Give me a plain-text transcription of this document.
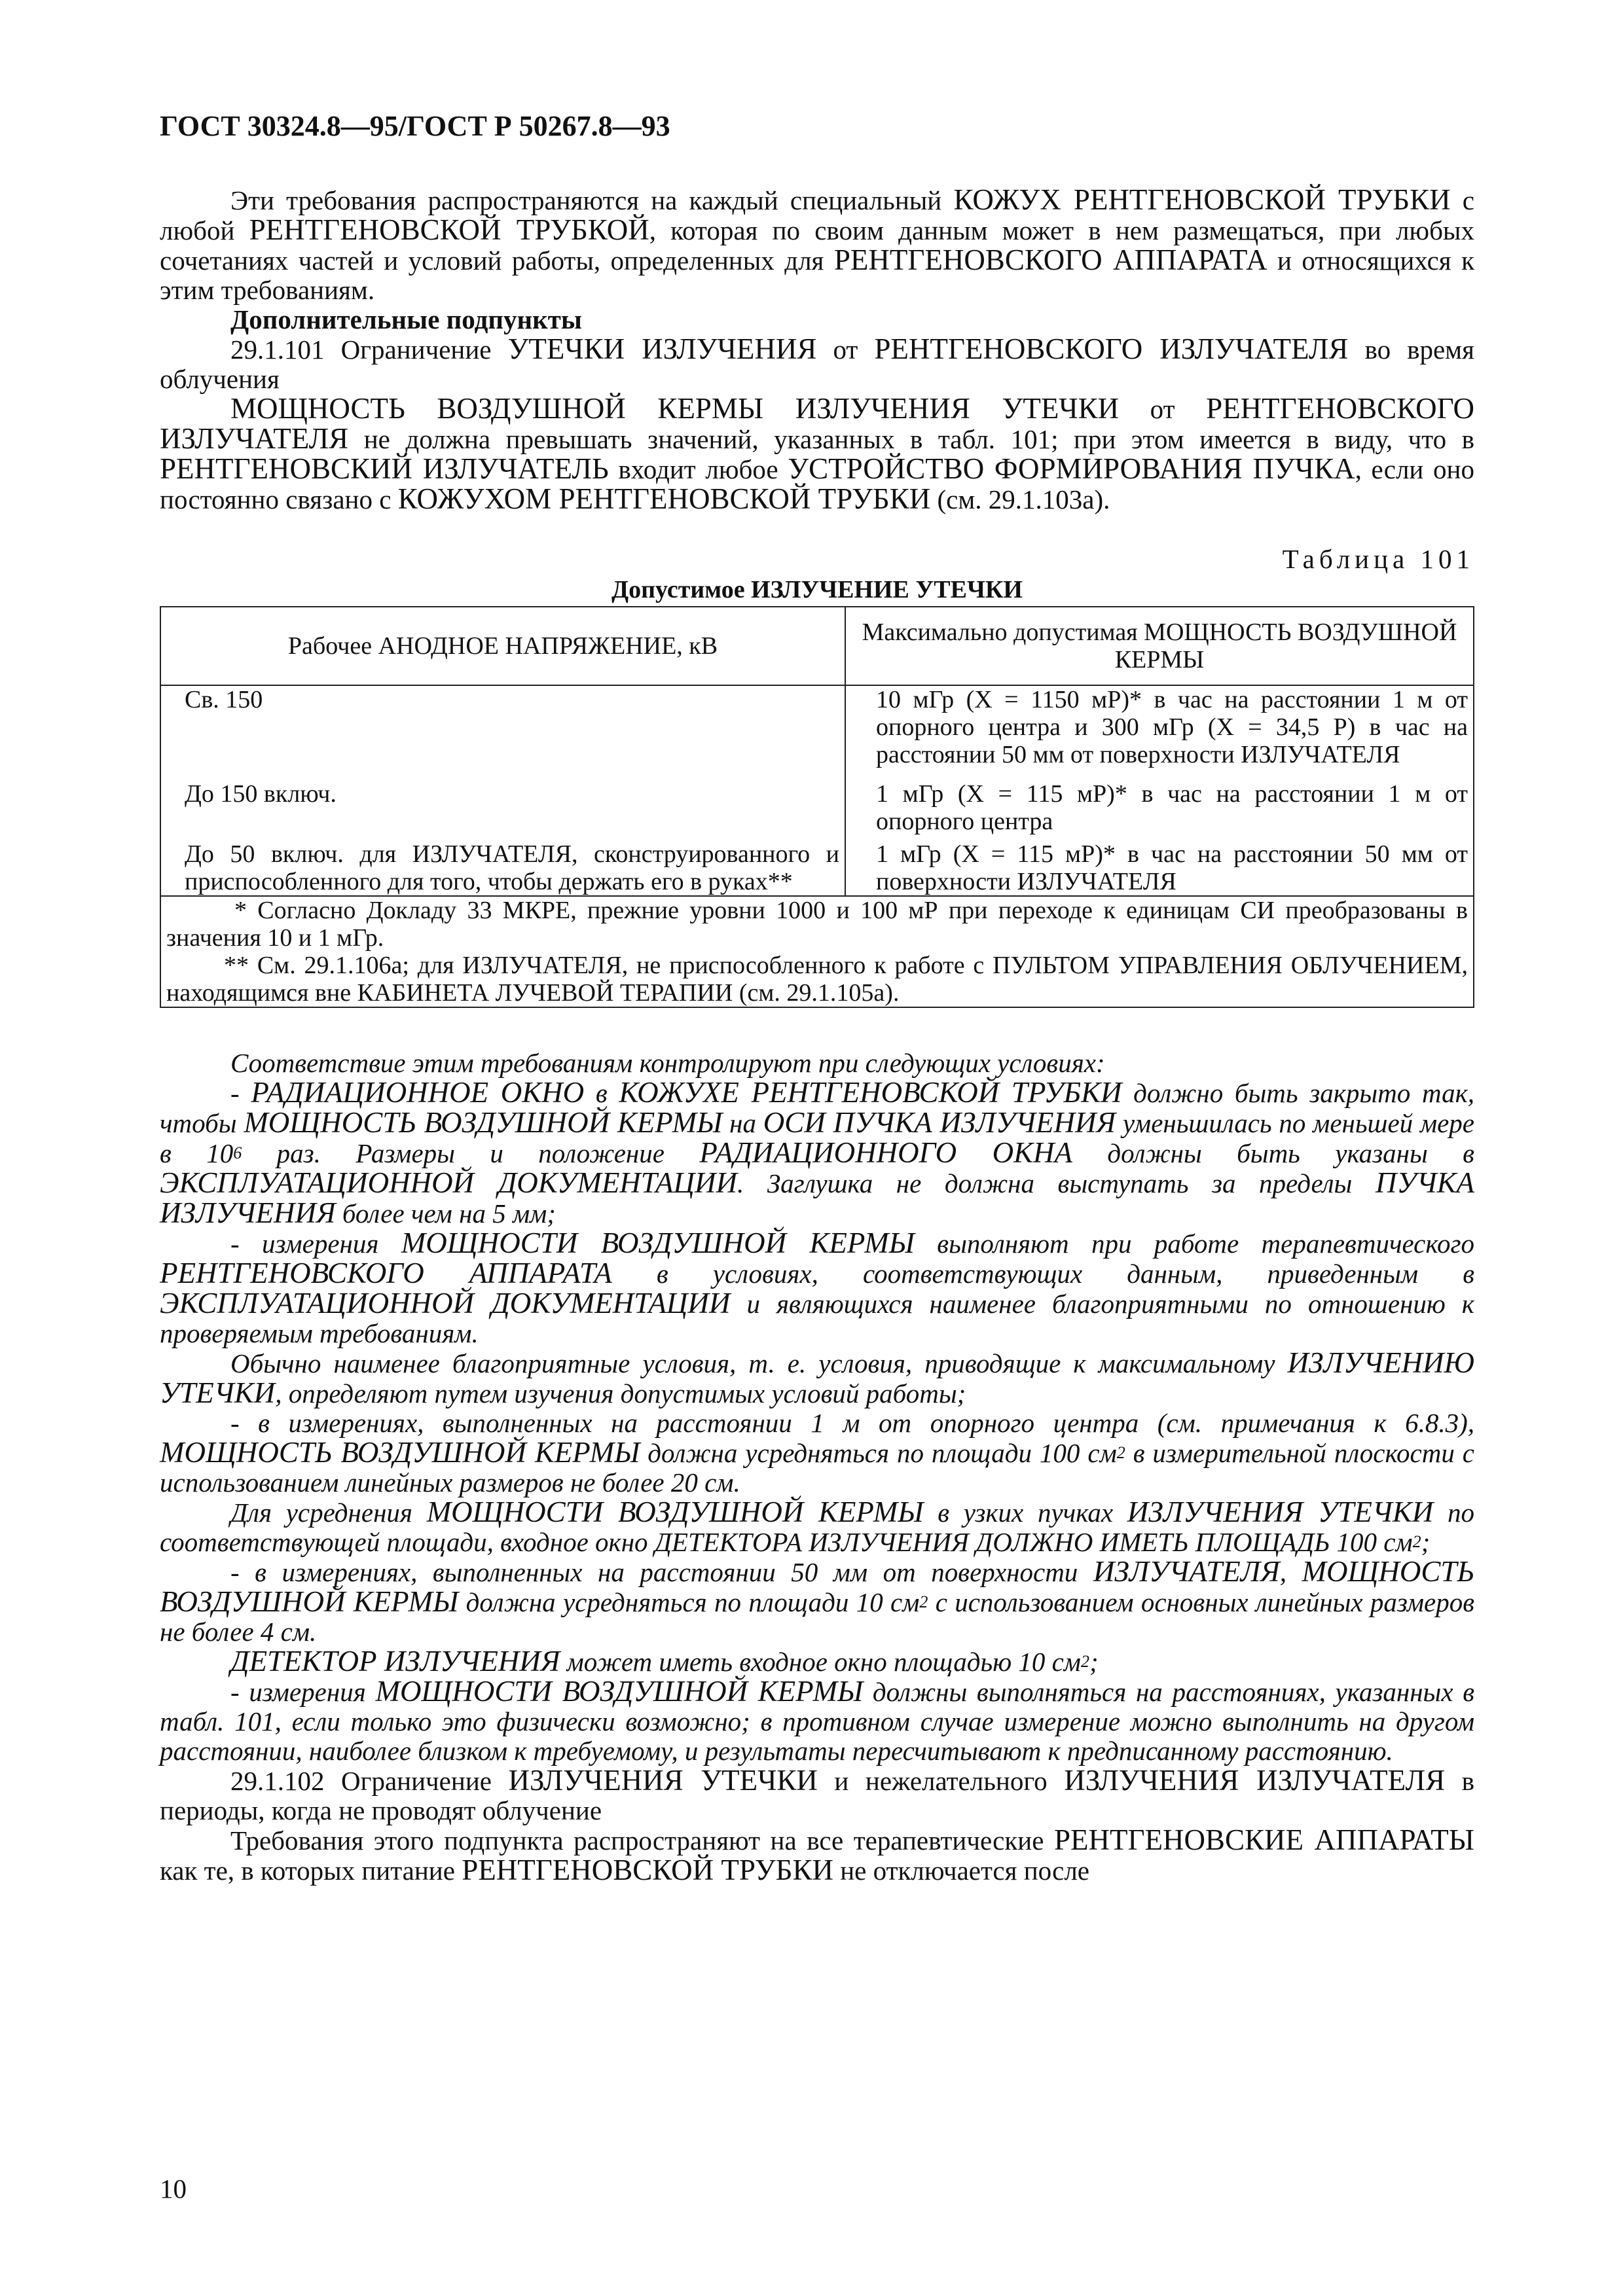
ГОСТ 30324.8—95/ГОСТ Р 50267.8—93

Эти требования распространяются на каждый специальный КОЖУХ РЕНТГЕНОВСКОЙ ТРУБКИ с любой РЕНТГЕНОВСКОЙ ТРУБКОЙ, которая по своим данным может в нем размещаться, при любых сочетаниях частей и условий работы, определенных для РЕНТГЕНОВСКОГО АППАРАТА и относящихся к этим требованиям.

Дополнительные подпункты

29.1.101 Ограничение УТЕЧКИ ИЗЛУЧЕНИЯ от РЕНТГЕНОВСКОГО ИЗЛУЧАТЕЛЯ во время облучения

МОЩНОСТЬ ВОЗДУШНОЙ КЕРМЫ ИЗЛУЧЕНИЯ УТЕЧКИ от РЕНТГЕНОВСКОГО ИЗЛУЧАТЕЛЯ не должна превышать значений, указанных в табл. 101; при этом имеется в виду, что в РЕНТГЕНОВСКИЙ ИЗЛУЧАТЕЛЬ входит любое УСТРОЙСТВО ФОРМИРОВАНИЯ ПУЧКА, если оно постоянно связано с КОЖУХОМ РЕНТГЕНОВСКОЙ ТРУБКИ (см. 29.1.103а).

Таблица 101
Допустимое ИЗЛУЧЕНИЕ УТЕЧКИ
Рабочее АНОДНОЕ НАПРЯЖЕНИЕ, кВ	Максимально допустимая МОЩНОСТЬ ВОЗДУШНОЙ КЕРМЫ
Св. 150	10 мГр (X = 1150 мР)* в час на расстоянии 1 м от опорного центра и 300 мГр (X = 34,5 Р) в час на расстоянии 50 мм от поверхности ИЗЛУЧАТЕЛЯ
До 150 включ.	1 мГр (X = 115 мР)* в час на расстоянии 1 м от опорного центра
До 50 включ. для ИЗЛУЧАТЕЛЯ, сконструированного и приспособленного для того, чтобы держать его в руках**	1 мГр (X = 115 мР)* в час на расстоянии 50 мм от поверхности ИЗЛУЧАТЕЛЯ

* Согласно Докладу 33 МКРЕ, прежние уровни 1000 и 100 мР при переходе к единицам СИ преобразованы в значения 10 и 1 мГр.

** См. 29.1.106а; для ИЗЛУЧАТЕЛЯ, не приспособленного к работе с ПУЛЬТОМ УПРАВЛЕНИЯ ОБЛУЧЕНИЕМ, находящимся вне КАБИНЕТА ЛУЧЕВОЙ ТЕРАПИИ (см. 29.1.105а).	

Соответствие этим требованиям контролируют при следующих условиях:

- РАДИАЦИОННОЕ ОКНО в КОЖУХЕ РЕНТГЕНОВСКОЙ ТРУБКИ должно быть закрыто так, чтобы МОЩНОСТЬ ВОЗДУШНОЙ КЕРМЫ на ОСИ ПУЧКА ИЗЛУЧЕНИЯ уменьшилась по меньшей мере в $10^6$ раз. Размеры и положение РАДИАЦИОННОГО ОКНА должны быть указаны в ЭКСПЛУАТАЦИОННОЙ ДОКУМЕНТАЦИИ. Заглушка не должна выступать за пределы ПУЧКА ИЗЛУЧЕНИЯ более чем на 5 мм;

- измерения МОЩНОСТИ ВОЗДУШНОЙ КЕРМЫ выполняют при работе терапевтического РЕНТГЕНОВСКОГО АППАРАТА в условиях, соответствующих данным, приведенным в ЭКСПЛУАТАЦИОННОЙ ДОКУМЕНТАЦИИ и являющихся наименее благоприятными по отношению к проверяемым требованиям.

Обычно наименее благоприятные условия, т. е. условия, приводящие к максимальному ИЗЛУЧЕНИЮ УТЕЧКИ, определяют путем изучения допустимых условий работы;

- в измерениях, выполненных на расстоянии 1 м от опорного центра (см. примечания к 6.8.3), МОЩНОСТЬ ВОЗДУШНОЙ КЕРМЫ должна усредняться по площади 100 $см^2$ в измерительной плоскости с использованием линейных размеров не более 20 см.

Для усреднения МОЩНОСТИ ВОЗДУШНОЙ КЕРМЫ в узких пучках ИЗЛУЧЕНИЯ УТЕЧКИ по соответствующей площади, входное окно ДЕТЕКТОРА ИЗЛУЧЕНИЯ ДОЛЖНО ИМЕТЬ ПЛОЩАДЬ 100 $см^2$;

- в измерениях, выполненных на расстоянии 50 мм от поверхности ИЗЛУЧАТЕЛЯ, МОЩНОСТЬ ВОЗДУШНОЙ КЕРМЫ должна усредняться по площади 10 $см^2$ с использованием основных линейных размеров не более 4 см.

ДЕТЕКТОР ИЗЛУЧЕНИЯ может иметь входное окно площадью 10 $см^2$;

- измерения МОЩНОСТИ ВОЗДУШНОЙ КЕРМЫ должны выполняться на расстояниях, указанных в табл. 101, если только это физически возможно; в противном случае измерение можно выполнить на другом расстоянии, наиболее близком к требуемому, и результаты пересчитывают к предписанному расстоянию.

29.1.102 Ограничение ИЗЛУЧЕНИЯ УТЕЧКИ и нежелательного ИЗЛУЧЕНИЯ ИЗЛУЧАТЕЛЯ в периоды, когда не проводят облучение

Требования этого подпункта распространяют на все терапевтические РЕНТГЕНОВСКИЕ АППАРАТЫ как те, в которых питание РЕНТГЕНОВСКОЙ ТРУБКИ не отключается после

10
